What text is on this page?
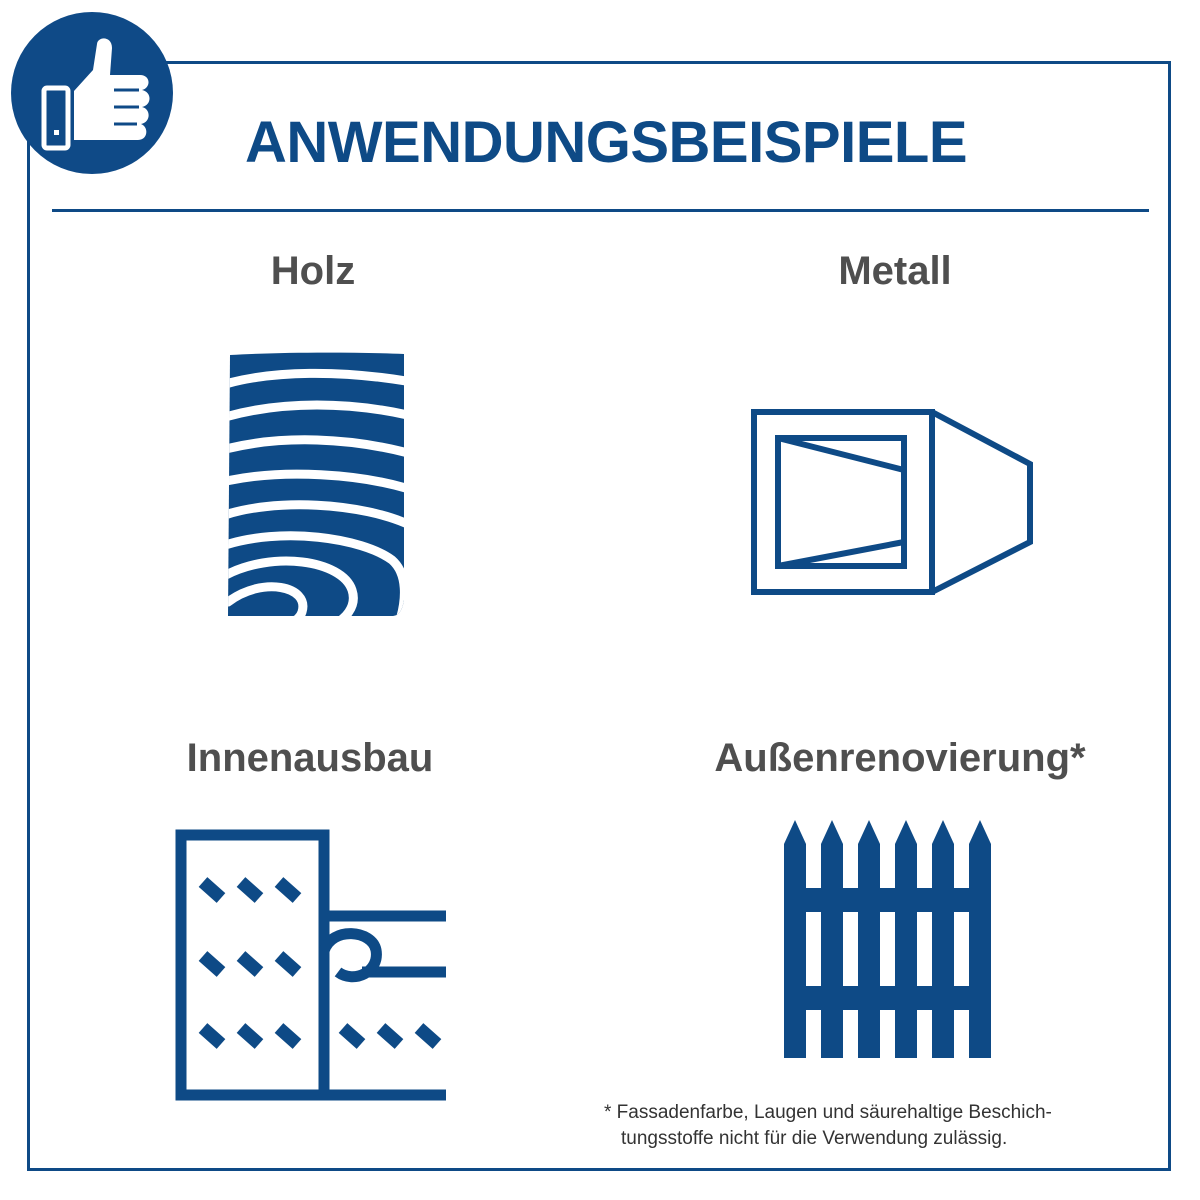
ANWENDUNGSBEISPIELE
Holz	Metall
Innenausbau	Außenrenovierung*
* Fassadenfarbe, Laugen und säurehaltige Beschich-
tungsstoffe nicht für die Verwendung zulässig.
